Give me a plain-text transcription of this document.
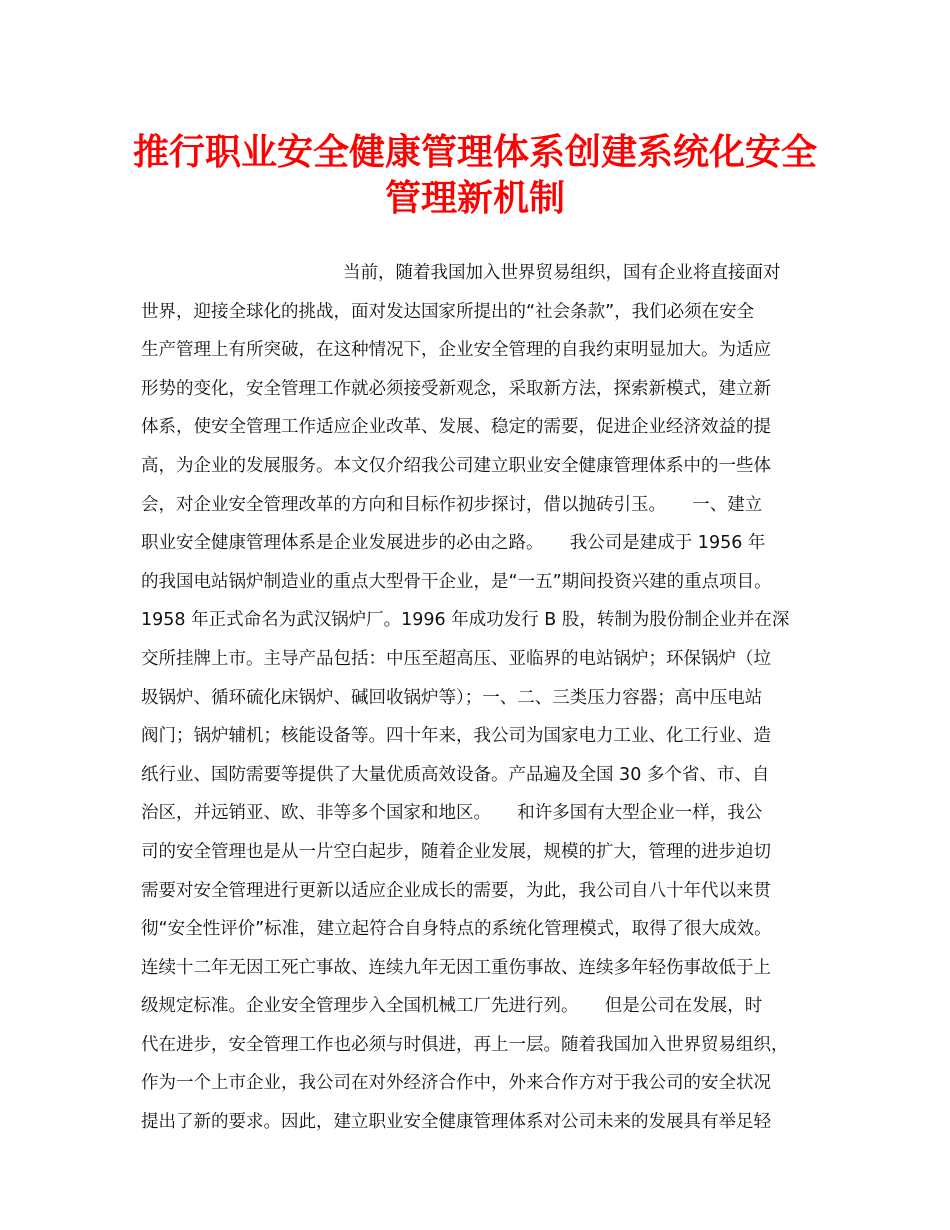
推行职业安全健康管理体系创建系统化安全
管理新机制
当前，随着我国加入世界贸易组织，国有企业将直接面对
世界，迎接全球化的挑战，面对发达国家所提出的“社会条款”，我们必须在安全
生产管理上有所突破，在这种情况下，企业安全管理的自我约束明显加大。为适应
形势的变化，安全管理工作就必须接受新观念，采取新方法，探索新模式，建立新
体系，使安全管理工作适应企业改革、发展、稳定的需要，促进企业经济效益的提
高，为企业的发展服务。本文仅介绍我公司建立职业安全健康管理体系中的一些体
会，对企业安全管理改革的方向和目标作初步探讨，借以抛砖引玉。　　一、建立
职业安全健康管理体系是企业发展进步的必由之路。　　我公司是建成于 1956 年
的我国电站锅炉制造业的重点大型骨干企业，是“一五”期间投资兴建的重点项目。
1958 年正式命名为武汉锅炉厂。1996 年成功发行 B 股，转制为股份制企业并在深
交所挂牌上市。主导产品包括：中压至超高压、亚临界的电站锅炉；环保锅炉（垃
圾锅炉、循环硫化床锅炉、碱回收锅炉等）；一、二、三类压力容器；高中压电站
阀门；锅炉辅机；核能设备等。四十年来，我公司为国家电力工业、化工行业、造
纸行业、国防需要等提供了大量优质高效设备。产品遍及全国 30 多个省、市、自
治区，并远销亚、欧、非等多个国家和地区。　　和许多国有大型企业一样，我公
司的安全管理也是从一片空白起步，随着企业发展，规模的扩大，管理的进步迫切
需要对安全管理进行更新以适应企业成长的需要，为此，我公司自八十年代以来贯
彻“安全性评价”标准，建立起符合自身特点的系统化管理模式，取得了很大成效。
连续十二年无因工死亡事故、连续九年无因工重伤事故、连续多年轻伤事故低于上
级规定标准。企业安全管理步入全国机械工厂先进行列。　　但是公司在发展，时
代在进步，安全管理工作也必须与时俱进，再上一层。随着我国加入世界贸易组织，
作为一个上市企业，我公司在对外经济合作中，外来合作方对于我公司的安全状况
提出了新的要求。因此，建立职业安全健康管理体系对公司未来的发展具有举足轻
